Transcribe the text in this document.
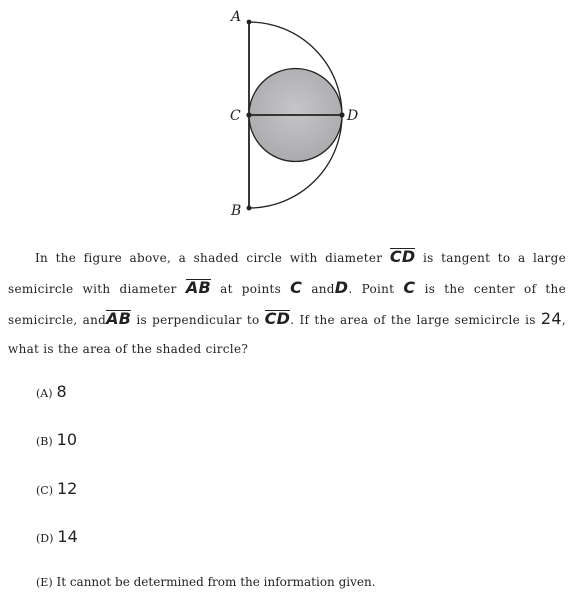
A
B
C	D
In the figure above, a shaded circle with diameter CD is tangent to a large semicircle with diameter AB at points C andD. Point C is the center of the semicircle, andAB is perpendicular to CD. If the area of the large semicircle is 24, what is the area of the shaded circle?
(A) 8
(B) 10
(C) 12
(D) 14
(E) It cannot be determined from the information given.
